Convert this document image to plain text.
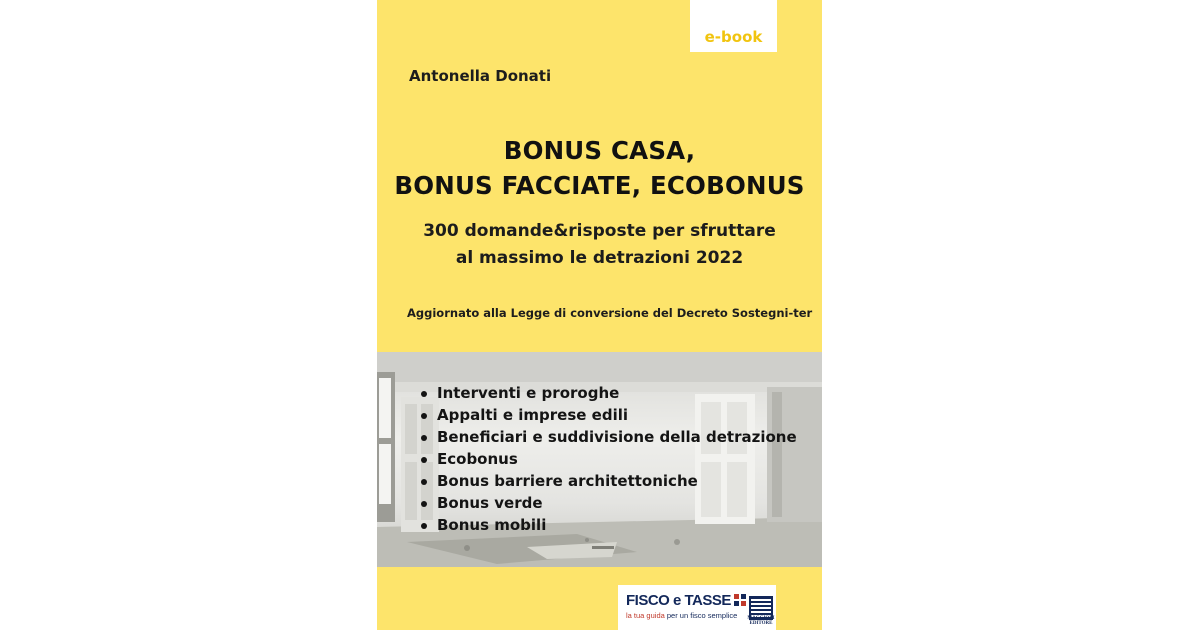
e-book
Antonella Donati
BONUS CASA,
BONUS FACCIATE, ECOBONUS
300 domande&risposte per sfruttare
al massimo le detrazioni 2022
Aggiornato alla Legge di conversione del Decreto Sostegni-ter
Interventi e proroghe
Appalti e imprese edili
Beneficiari e suddivisione della detrazione
Ecobonus
Bonus barriere architettoniche
Bonus verde
Bonus mobili
FISCO e TASSE
la tua guida per un fisco semplice MAGGIOLI EDITORE
